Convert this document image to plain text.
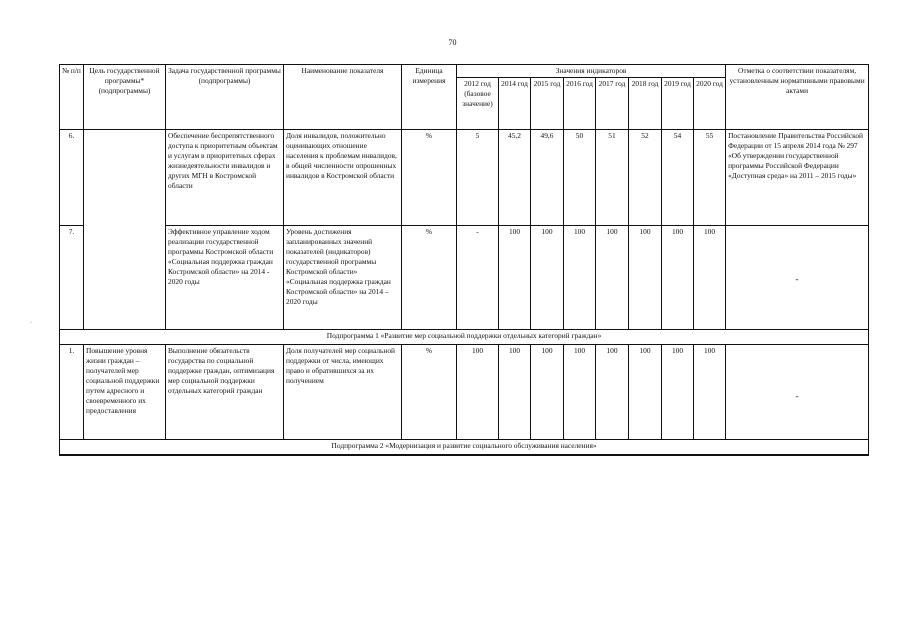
70
·
№ п/п	Цель государственной программы* (подпрограммы)	Задача государственной программы (подпрограммы)	Наименование показателя	Единица измерения	Значения индикаторов								Отметка о соответствии показателям, установленным нормативными правовыми актами
					2012 год (базовое значение)	2014 год	2015 год	2016 год	2017 год	2018 год	2019 год	2020 год	
6.		Обеспечение беспрепятственного доступа к приоритетным объектам и услугам в приоритетных сферах жизнедеятельности инвалидов и других МГН в Костромской области	Доля инвалидов, положительно оценивающих отношение населения к проблемам инвалидов, в общей численности опрошенных инвалидов в Костромской области	%	5	45,2	49,6	50	51	52	54	55	Постановление Правительства Российской Федерации от 15 апреля 2014 года № 297 «Об утверждении государственной программы Российской Федерации «Доступная среда» на 2011 – 2015 годы»
7.		Эффективное управление ходом реализации государственной программы Костромской области «Социальная поддержка граждан Костромской области» на 2014 - 2020 годы	Уровень достижения запланированных значений показателей (индикаторов) государственной программы Костромской области» «Социальная поддержка граждан Костромской области» на 2014 – 2020 годы	%	-	100	100	100	100	100	100	100	-
Подпрограмма 1 «Развитие мер социальной поддержки отдельных категорий граждан»													
1.	Повышение уровня жизни граждан – получателей мер социальной поддержки путем адресного и своевременного их предоставления	Выполнение обязательств государства по социальной поддержке граждан, оптимизация мер социальной поддержки отдельных категорий граждан	Доля получателей мер социальной поддержки от числа, имеющих право и обратившихся за их получением	%	100	100	100	100	100	100	100	100	-
Подпрограмма 2 «Модернизация и развитие социального обслуживания населения»													
